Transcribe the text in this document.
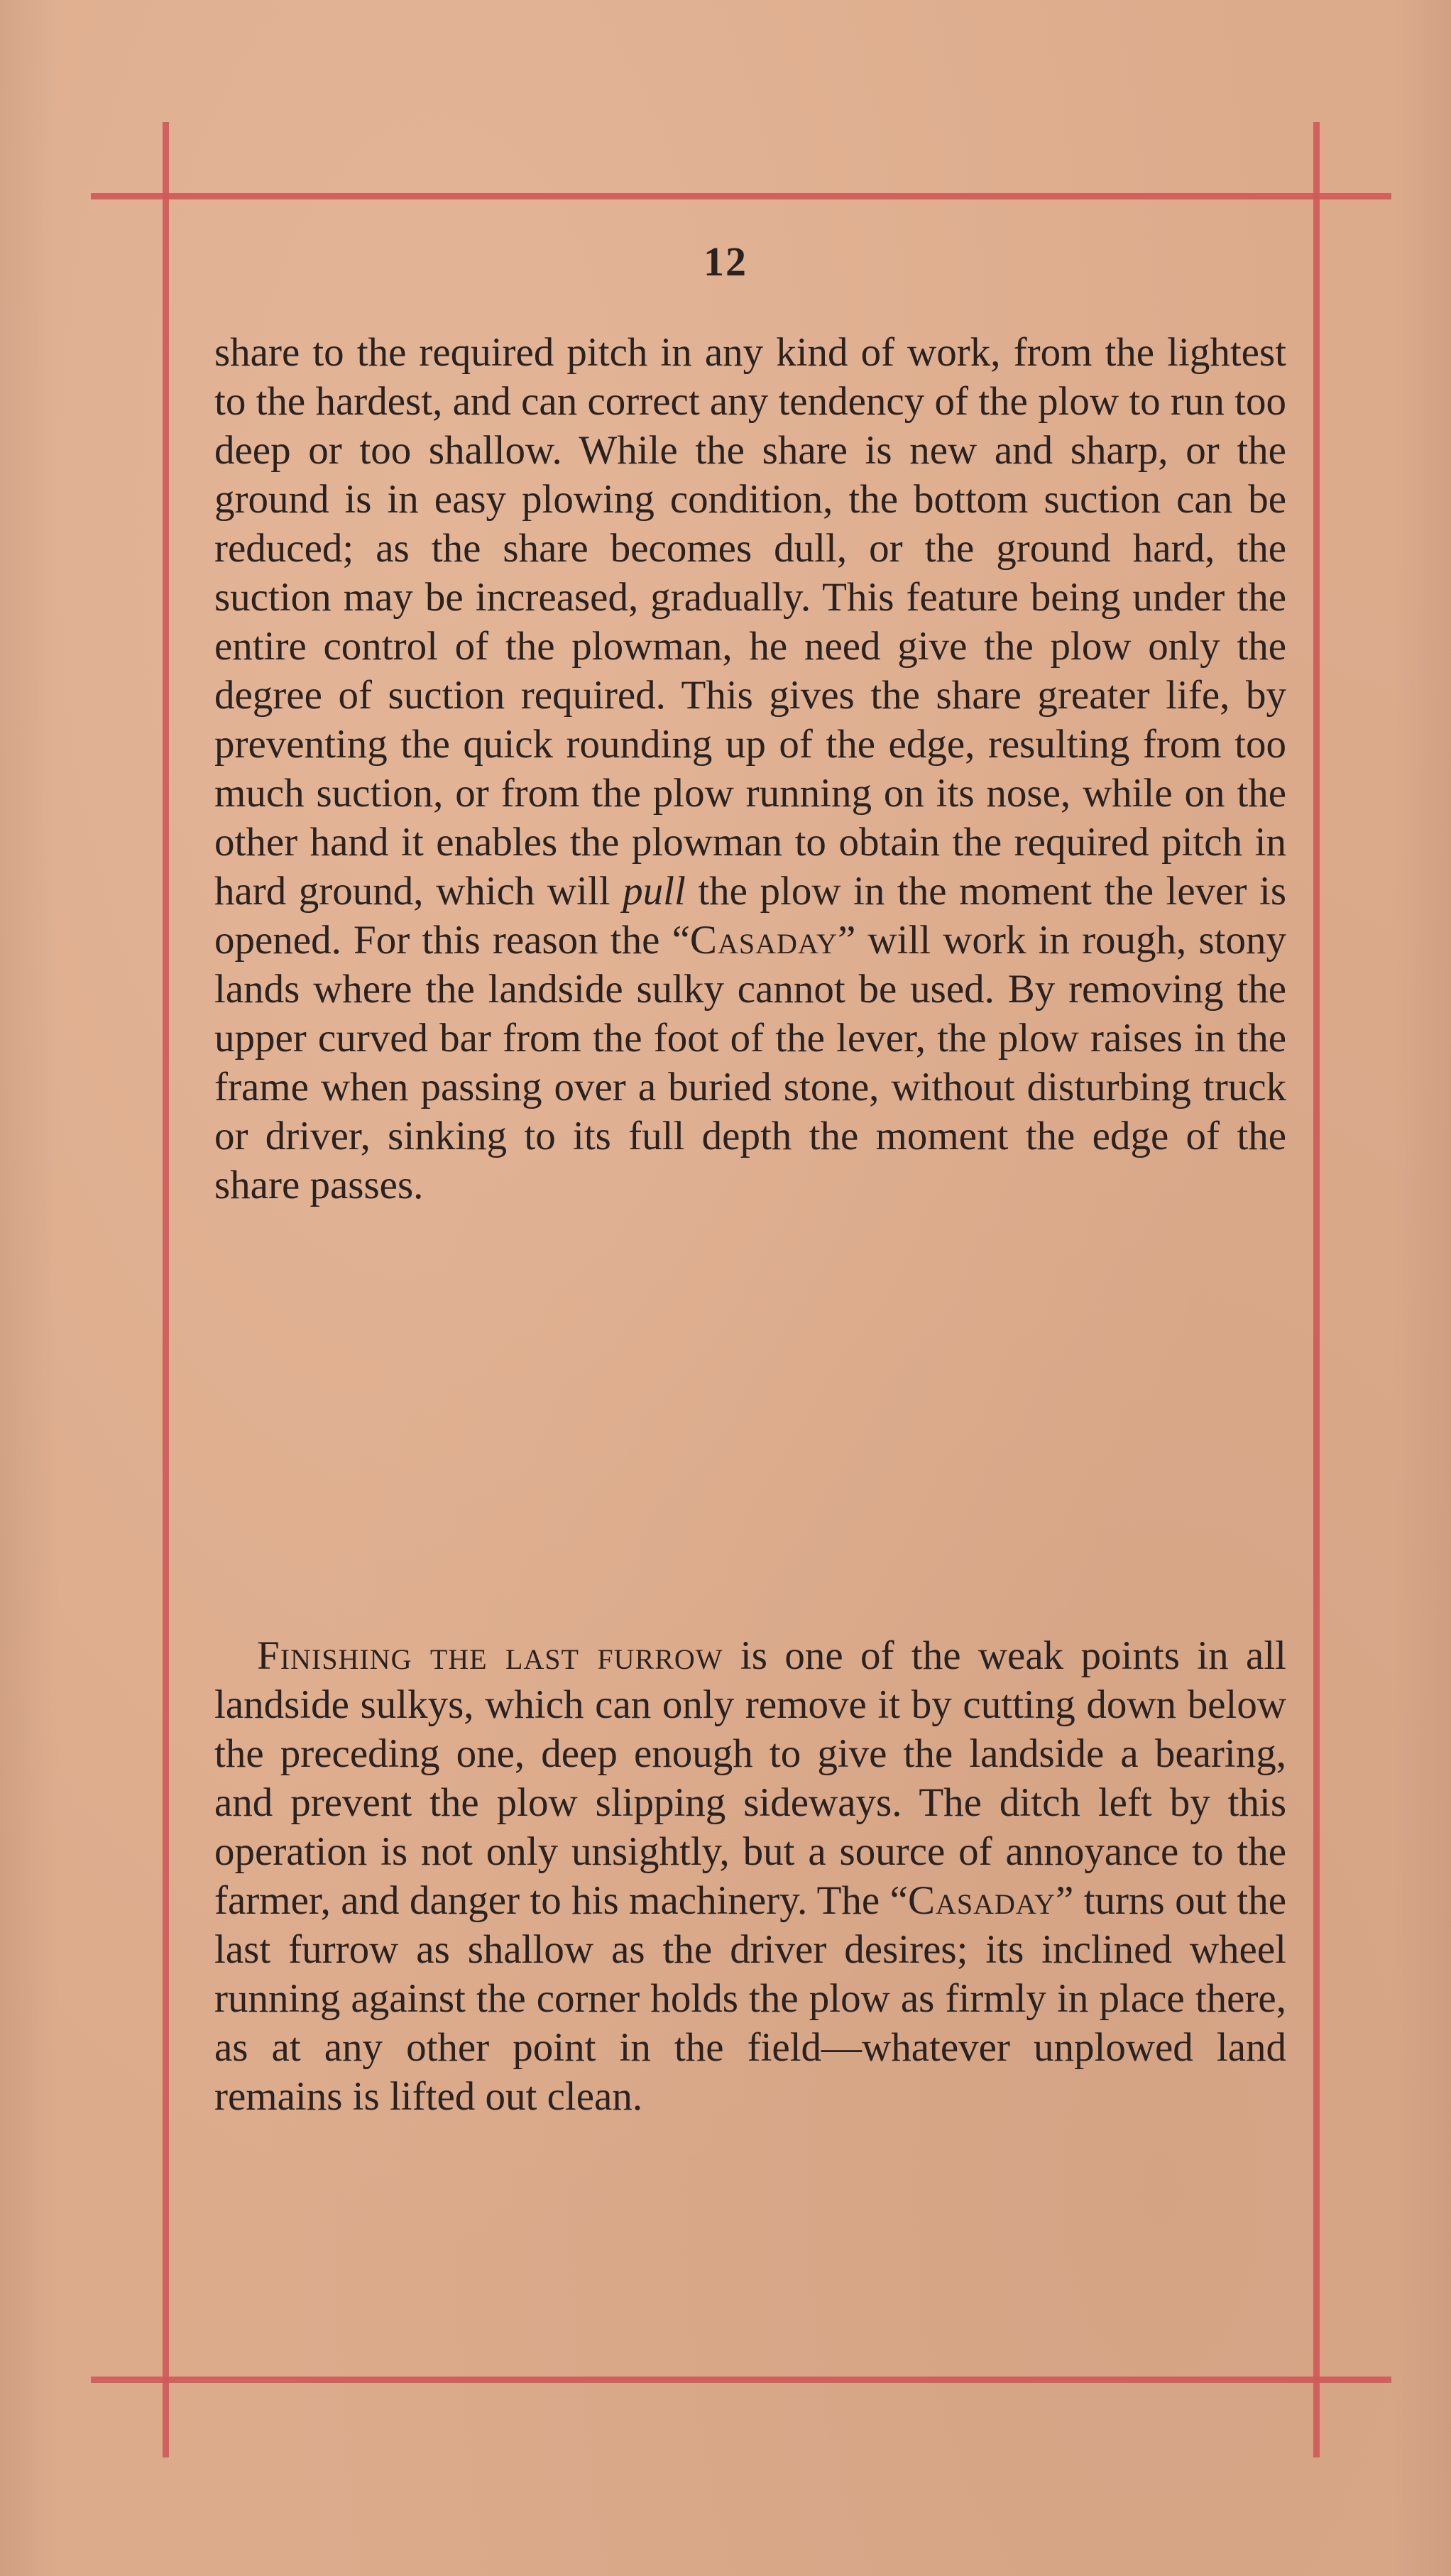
12
share to the required pitch in any kind of work, from the lightest to the hardest, and can correct any tendency of the plow to run too deep or too shallow. While the share is new and sharp, or the ground is in easy plowing condition, the bottom suction can be reduced; as the share becomes dull, or the ground hard, the suction may be increased, gradually. This feature being under the entire control of the plowman, he need give the plow only the degree of suction required. This gives the share greater life, by preventing the quick rounding up of the edge, resulting from too much suction, or from the plow running on its nose, while on the other hand it enables the plowman to obtain the required pitch in hard ground, which will pull the plow in the moment the lever is opened. For this reason the “Casaday” will work in rough, stony lands where the landside sulky cannot be used. By removing the upper curved bar from the foot of the lever, the plow raises in the frame when passing over a buried stone, without disturbing truck or driver, sinking to its full depth the moment the edge of the share passes.
Finishing the last furrow is one of the weak points in all landside sulkys, which can only remove it by cutting down below the preceding one, deep enough to give the landside a bearing, and prevent the plow slipping sideways. The ditch left by this operation is not only unsightly, but a source of annoyance to the farmer, and danger to his machinery. The “Casaday” turns out the last furrow as shallow as the driver desires; its inclined wheel running against the corner holds the plow as firmly in place there, as at any other point in the field—whatever unplowed land remains is lifted out clean.
